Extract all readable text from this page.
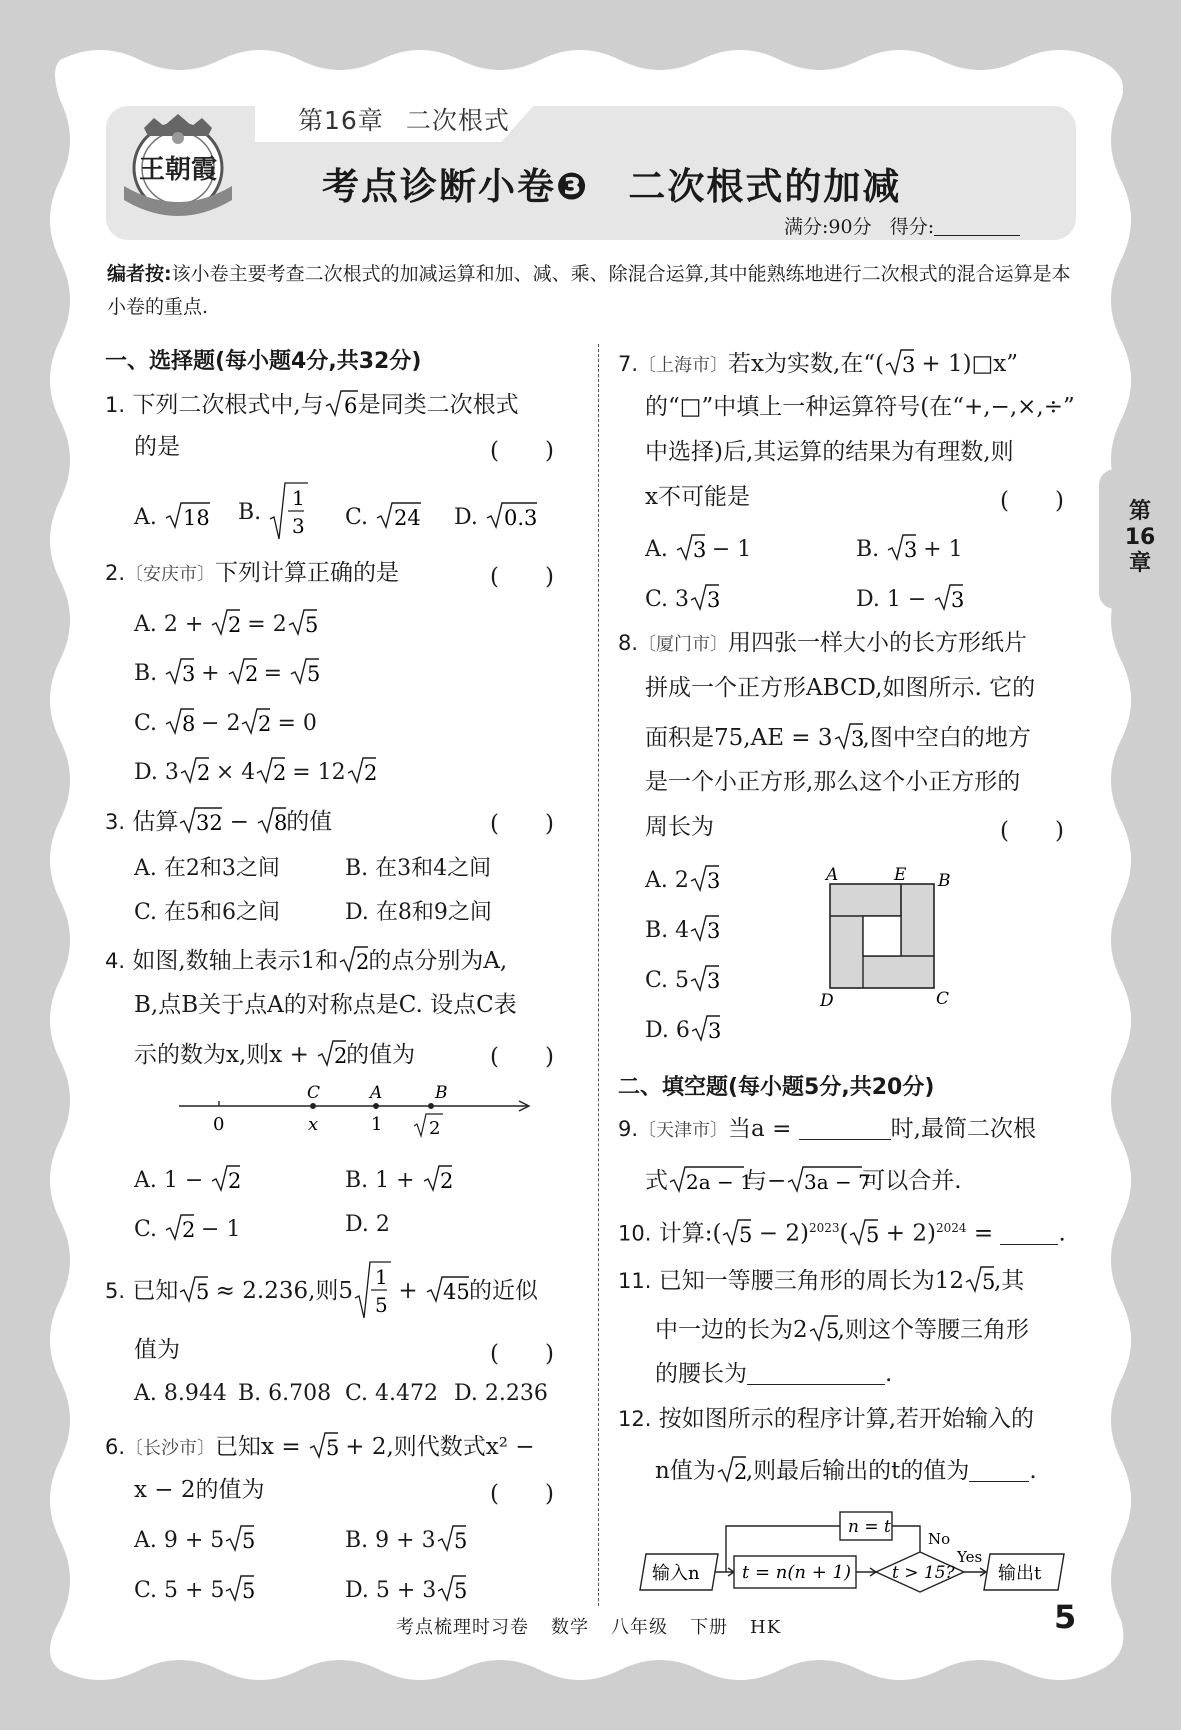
王朝霞
第16章 二次根式
考点诊断小卷❸　二次根式的加减
满分:90分 得分:
编者按:该小卷主要考查二次根式的加减运算和加、减、乘、除混合运算,其中能熟练地进行二次根式的混合运算是本小卷的重点.
一、选择题(每小题4分,共32分)
1. 下列二次根式中,与 6 是同类二次根式
的是	(　　)
A. 18 B.
1
3 C. 24 D. 0.3
2.〔安庆市〕下列计算正确的是	(　　)
A. 2 + 2
= 2 5
B. 3
+ 2
= 5
C. 8
− 2 2
= 0
D. 3 2
× 4 2
= 12 2
3. 估算 32 − 8
的值	(　　)
A. 在2和3之间	B. 在3和4之间
C. 在5和6之间	D. 在8和9之间
4. 如图,数轴上表示1和 2
的点分别为A,
B,点B关于点A的对称点是C. 设点C表
示的数为x,则x + 2
的值为	(　　)
C	A	B
0	x	1	2
A. 1 − 2	B. 1 + 2
C. 2
− 1	D. 2
5. 已知 5
≈ 2.236,则5
1
5
+ 45 的近似
值为	(　　)
A. 8.944 B. 6.708 C. 4.472 D. 2.236
6.〔长沙市〕已知x = 5
+ 2,则代数式x² −
x − 2的值为	(　　)
A. 9 + 5 5	B. 9 + 3 5
C. 5 + 5 5	D. 5 + 3 5
7.〔上海市〕若x为实数,在“( 3
+ 1)□x”
的“□”中填上一种运算符号(在“+,−,×,÷”
中选择)后,其运算的结果为有理数,则
x不可能是	(　　)
A. 3
− 1	B. 3
+ 1
C. 3 3	D. 1 − 3
8.〔厦门市〕用四张一样大小的长方形纸片
拼成一个正方形ABCD,如图所示. 它的
面积是75,AE = 3 3
,图中空白的地方
是一个小正方形,那么这个小正方形的
周长为	(　　)
A. 2 3
B. 4 3
C. 5 3
D. 6 3
A	E B
C
D
二、填空题(每小题5分,共20分)
9.〔天津市〕当a =	时,最简二次根
式 2a − 1
与− 3a − 7
可以合并.
10. 计算:( 5
− 2)$^{2023}$( 5
+ 2)$^{2024}$ =	.
11. 已知一等腰三角形的周长为12 5
,其
中一边的长为2 5
,则这个等腰三角形
的腰长为	.
12. 按如图所示的程序计算,若开始输入的
n值为 2
,则最后输出的t的值为	.
输入n t = n(n + 1) t > 15?
Yes
输出t
No
n = t
第
16
章
考点梳理时习卷 数学 八年级 下册 HK	5
